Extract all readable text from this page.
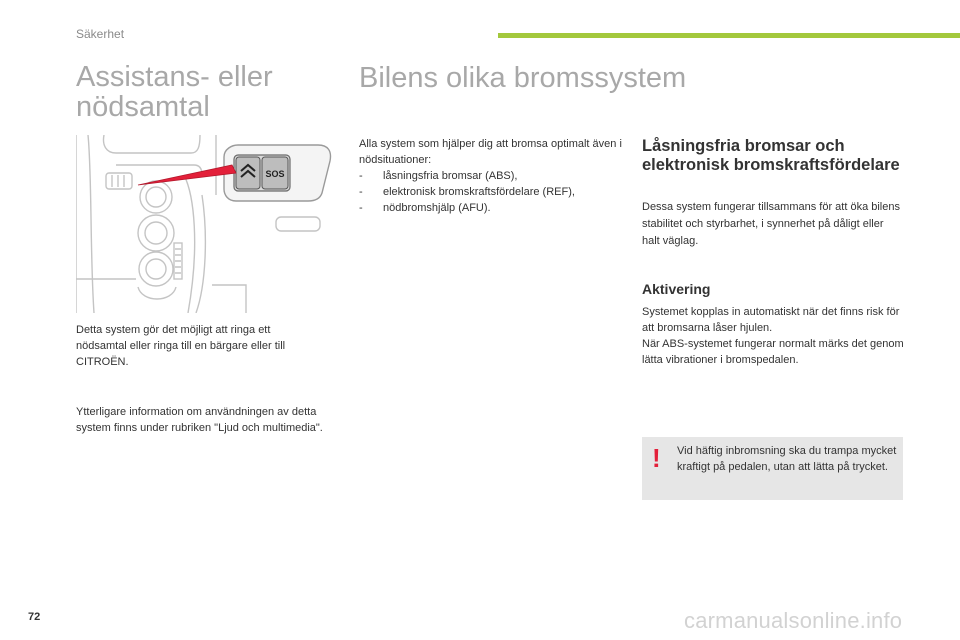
Säkerhet
Assistans- eller nödsamtal
Bilens olika bromssystem
SOS

Detta system gör det möjligt att ringa ett nödsamtal eller ringa till en bärgare eller till CITROËN.

Ytterligare information om användningen av detta system finns under rubriken "Ljud och multimedia".

Alla system som hjälper dig att bromsa optimalt även i nödsituationer:

-	låsningsfria bromsar (ABS),
-	elektronisk bromskraftsfördelare (REF),
-	nödbromshjälp (AFU).
Låsningsfria bromsar och elektronisk bromskraftsfördelare

Dessa system fungerar tillsammans för att öka bilens stabilitet och styrbarhet, i synnerhet på dåligt eller halt väglag.

Aktivering

Systemet kopplas in automatiskt när det finns risk för att bromsarna låser hjulen.

När ABS-systemet fungerar normalt märks det genom lätta vibrationer i bromspedalen.

! Vid häftig inbromsning ska du trampa mycket kraftigt på pedalen, utan att lätta på trycket.

72	carmanualsonline.info
